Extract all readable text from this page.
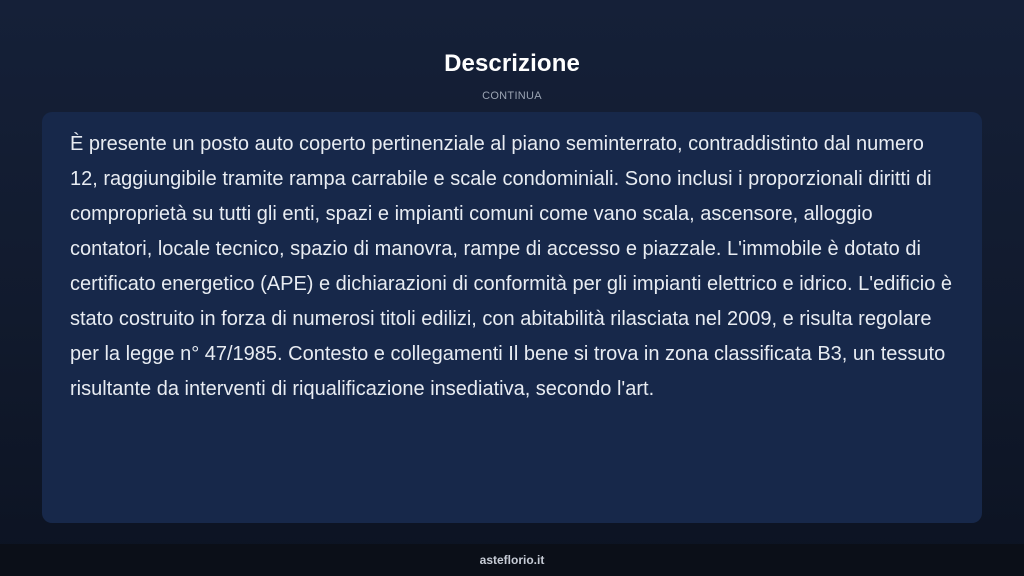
Descrizione
CONTINUA

È presente un posto auto coperto pertinenziale al piano seminterrato, contraddistinto dal numero 12, raggiungibile tramite rampa carrabile e scale condominiali. Sono inclusi i proporzionali diritti di comproprietà su tutti gli enti, spazi e impianti comuni come vano scala, ascensore, alloggio contatori, locale tecnico, spazio di manovra, rampe di accesso e piazzale. L'immobile è dotato di certificato energetico (APE) e dichiarazioni di conformità per gli impianti elettrico e idrico. L'edificio è stato costruito in forza di numerosi titoli edilizi, con abitabilità rilasciata nel 2009, e risulta regolare per la legge n° 47/1985. Contesto e collegamenti Il bene si trova in zona classificata B3, un tessuto risultante da interventi di riqualificazione insediativa, secondo l'art.

asteflorio.it
